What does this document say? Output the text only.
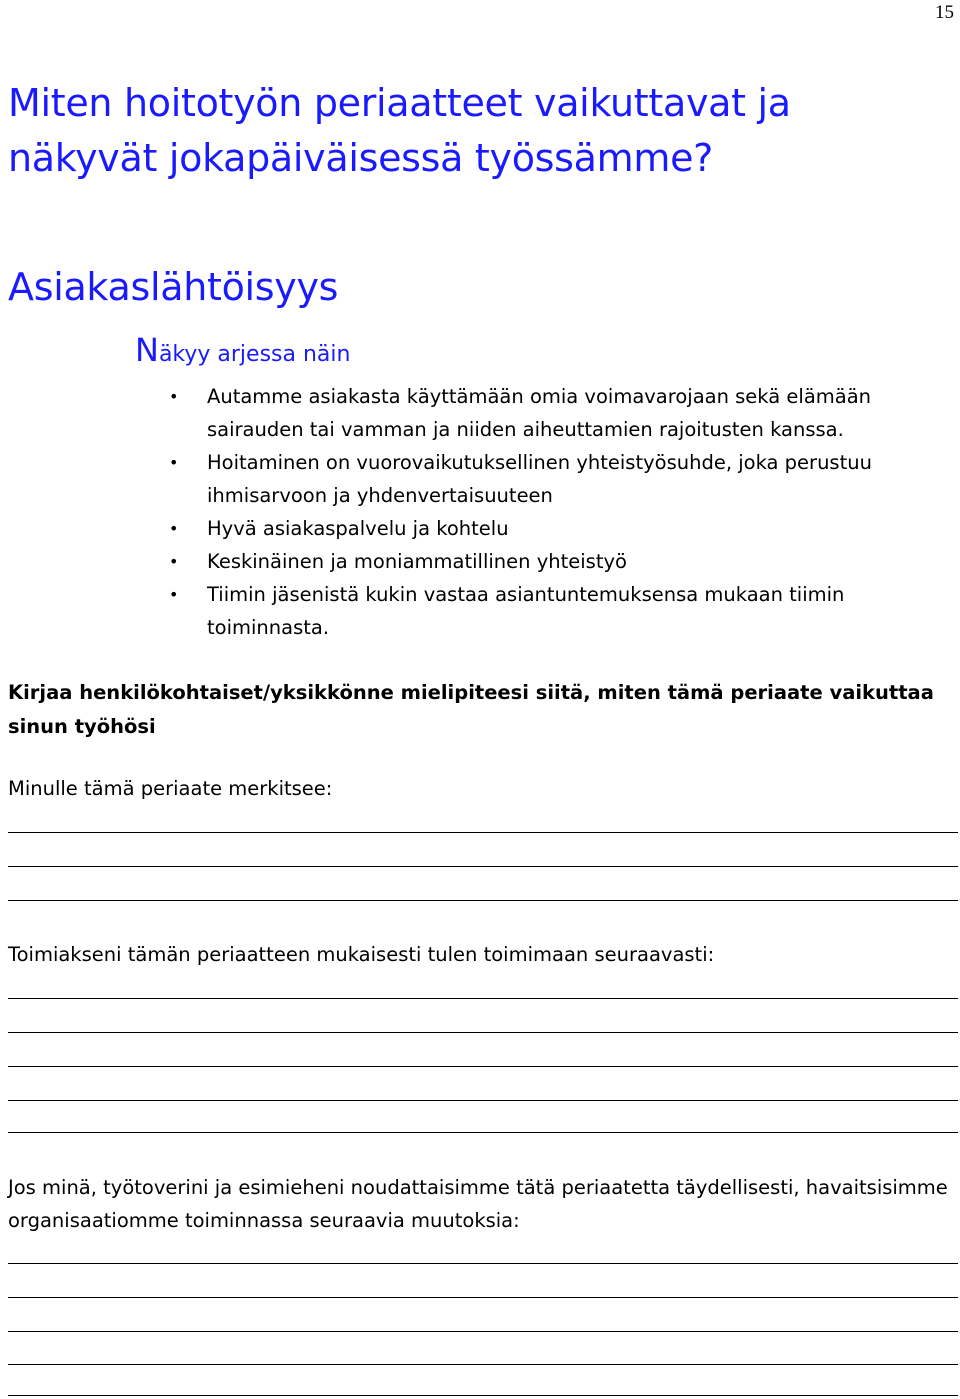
15
Miten hoitotyön periaatteet vaikuttavat ja näkyvät jokapäiväisessä työssämme?
Asiakaslähtöisyys
Näkyy arjessa näin
• Autamme asiakasta käyttämään omia voimavarojaan sekä elämään sairauden tai vamman ja niiden aiheuttamien rajoitusten kanssa.
• Hoitaminen on vuorovaikutuksellinen yhteistyösuhde, joka perustuu ihmisarvoon ja yhdenvertaisuuteen
• Hyvä asiakaspalvelu ja kohtelu
• Keskinäinen ja moniammatillinen yhteistyö
• Tiimin jäsenistä kukin vastaa asiantuntemuksensa mukaan tiimin toiminnasta.
Kirjaa henkilökohtaiset/yksikkönne mielipiteesi siitä, miten tämä periaate vaikuttaa sinun työhösi
Minulle tämä periaate merkitsee:
Toimiakseni tämän periaatteen mukaisesti tulen toimimaan seuraavasti:
Jos minä, työtoverini ja esimieheni noudattaisimme tätä periaatetta täydellisesti, havaitsisimme organisaatiomme toiminnassa seuraavia muutoksia:
